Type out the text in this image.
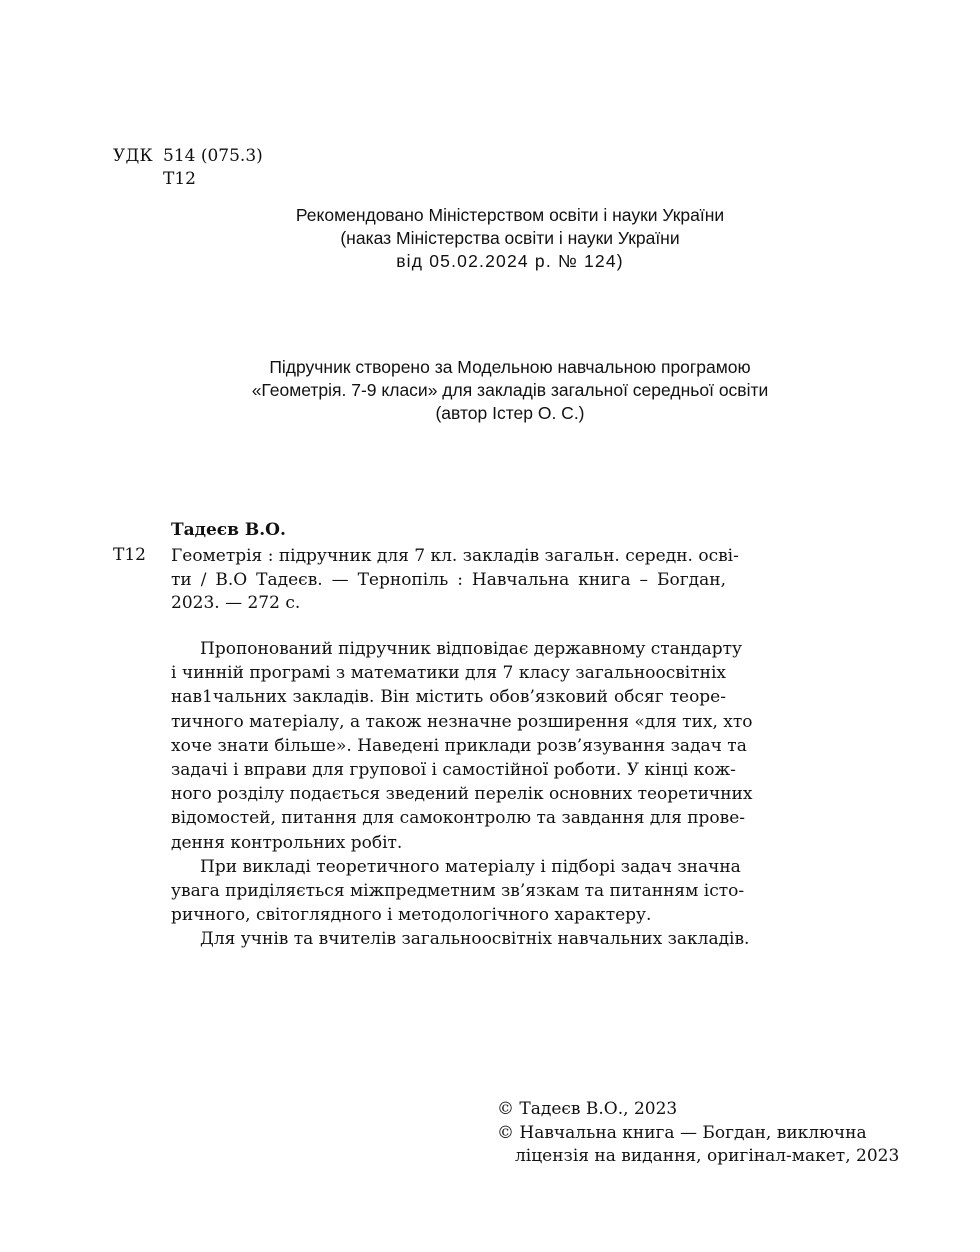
УДК 514 (075.3)
Т12
Рекомендовано Міністерством освіти і науки України
(наказ Міністерства освіти і науки України
від 05.02.2024 р. № 124)
Підручник створено за Модельною навчальною програмою
«Геометрія. 7-9 класи» для закладів загальної середньої освіти
(автор Істер О. С.)
Тадеєв В.О.
Т12 Геометрія : підручник для 7 кл. закладів загальн. середн. осві-
ти / В.О Тадеєв. — Тернопіль : Навчальна книга – Богдан,
2023. — 272 с.
Пропонований підручник відповідає державному стандарту
і чинній програмі з математики для 7 класу загальноосвітніх
нав1чальних закладів. Він містить обов’язковий обсяг теоре-
тичного матеріалу, а також незначне розширення «для тих, хто
хоче знати більше». Наведені приклади розв’язування задач та
задачі і вправи для групової і самостійної роботи. У кінці кож-
ного розділу подається зведений перелік основних теоретичних
відомостей, питання для самоконтролю та завдання для прове-
дення контрольних робіт.
При викладі теоретичного матеріалу і підборі задач значна
увага приділяється міжпредметним зв’язкам та питанням істо-
ричного, світоглядного і методологічного характеру.
Для учнів та вчителів загальноосвітніх навчальних закладів.
© Тадеєв В.О., 2023
© Навчальна книга — Богдан, виключна
ліцензія на видання, оригінал-макет, 2023
